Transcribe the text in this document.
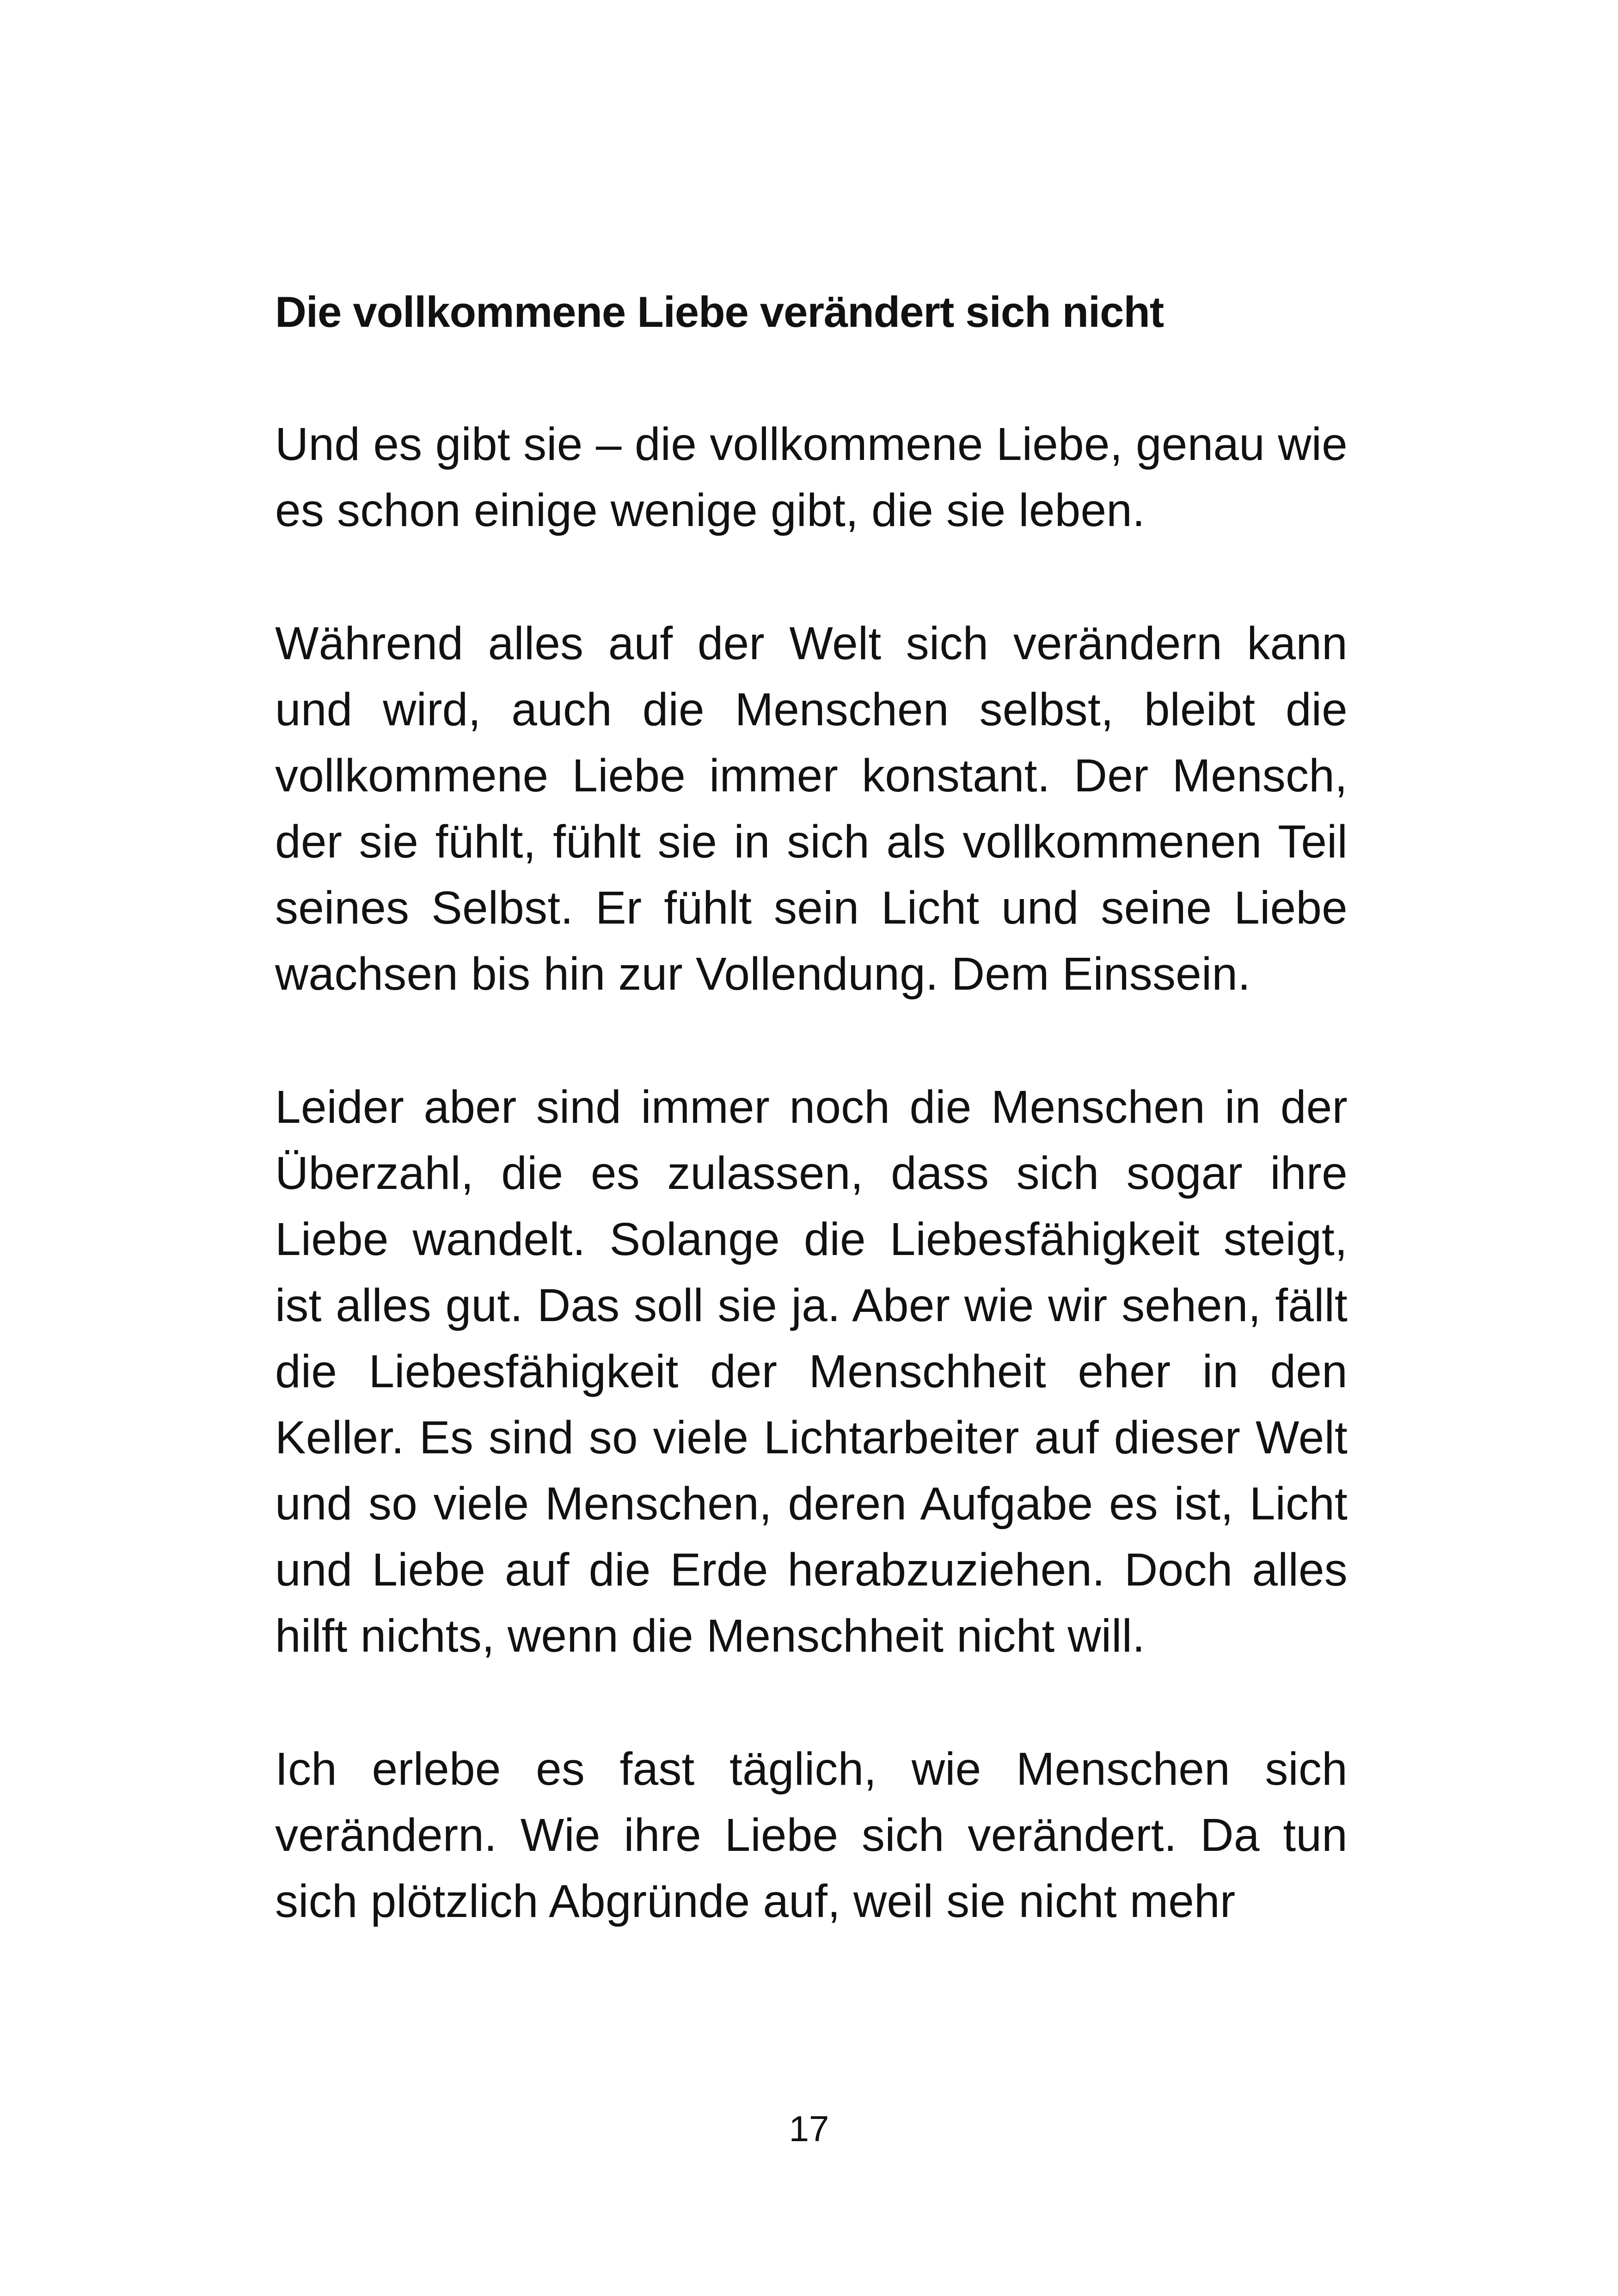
Die vollkommene Liebe verändert sich nicht

Und es gibt sie – die vollkommene Liebe, genau wie es schon einige wenige gibt, die sie leben.

Während alles auf der Welt sich verändern kann und wird, auch die Menschen selbst, bleibt die vollkommene Liebe immer konstant. Der Mensch, der sie fühlt, fühlt sie in sich als vollkommenen Teil seines Selbst. Er fühlt sein Licht und seine Liebe wachsen bis hin zur Vollendung. Dem Einssein.

Leider aber sind immer noch die Menschen in der Überzahl, die es zulassen, dass sich sogar ihre Liebe wandelt. Solange die Liebesfähigkeit steigt, ist alles gut. Das soll sie ja. Aber wie wir sehen, fällt die Liebesfähigkeit der Menschheit eher in den Keller. Es sind so viele Lichtarbeiter auf dieser Welt und so viele Menschen, deren Aufgabe es ist, Licht und Liebe auf die Erde herabzuziehen. Doch alles hilft nichts, wenn die Menschheit nicht will.

Ich erlebe es fast täglich, wie Menschen sich verändern. Wie ihre Liebe sich verändert. Da tun sich plötzlich Abgründe auf, weil sie nicht mehr

17
